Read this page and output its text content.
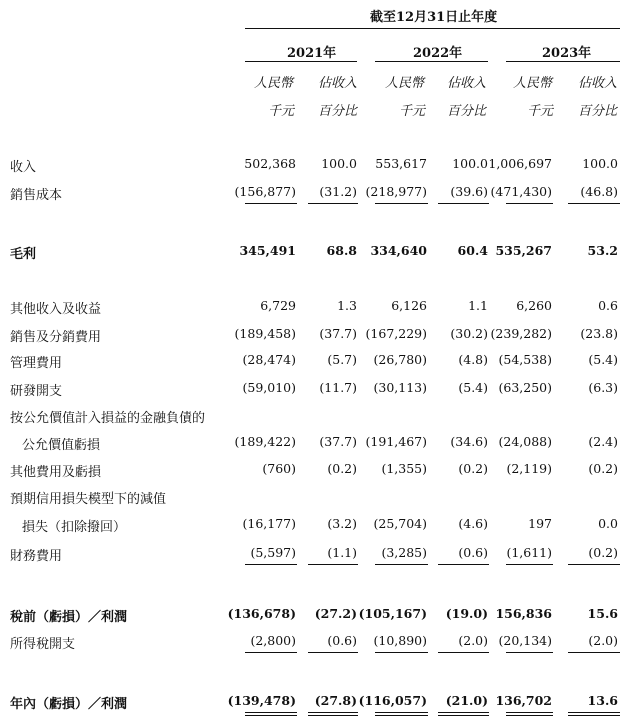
截至12月31日止年度
2021年	2022年	2023年
人民幣 佔收入 人民幣 佔收入 人民幣 佔收入
千元 百分比	千元 百分比	千元 百分比
收入	502,368	100.0	553,617	100.0 1,006,697	100.0
銷售成本	(156,877)	(31.2) (218,977)	(39.6) (471,430)	(46.8)
毛利	345,491	68.8	334,640	60.4 535,267	53.2
其他收入及收益	6,729	1.3	6,126	1.1	6,260	0.6
銷售及分銷費用	(189,458)	(37.7) (167,229)	(30.2) (239,282)	(23.8)
管理費用	(28,474)	(5.7)	(26,780)	(4.8) (54,538)	(5.4)
研發開支	(59,010)	(11.7)	(30,113)	(5.4) (63,250)	(6.3)
按公允價值計入損益的金融負債的
公允價值虧損	(189,422)	(37.7) (191,467)	(34.6) (24,088)	(2.4)
其他費用及虧損	(760)	(0.2)	(1,355)	(0.2)	(2,119)	(0.2)
預期信用損失模型下的減值
損失（扣除撥回）	(16,177)	(3.2)	(25,704)	(4.6)	197	0.0
財務費用	(5,597)	(1.1)	(3,285)	(0.6)	(1,611)	(0.2)
稅前（虧損）／利潤	(136,678)	(27.2) (105,167)	(19.0) 156,836	15.6
所得稅開支	(2,800)	(0.6)	(10,890)	(2.0) (20,134)	(2.0)
年內（虧損）／利潤	(139,478)	(27.8) (116,057)	(21.0) 136,702	13.6
